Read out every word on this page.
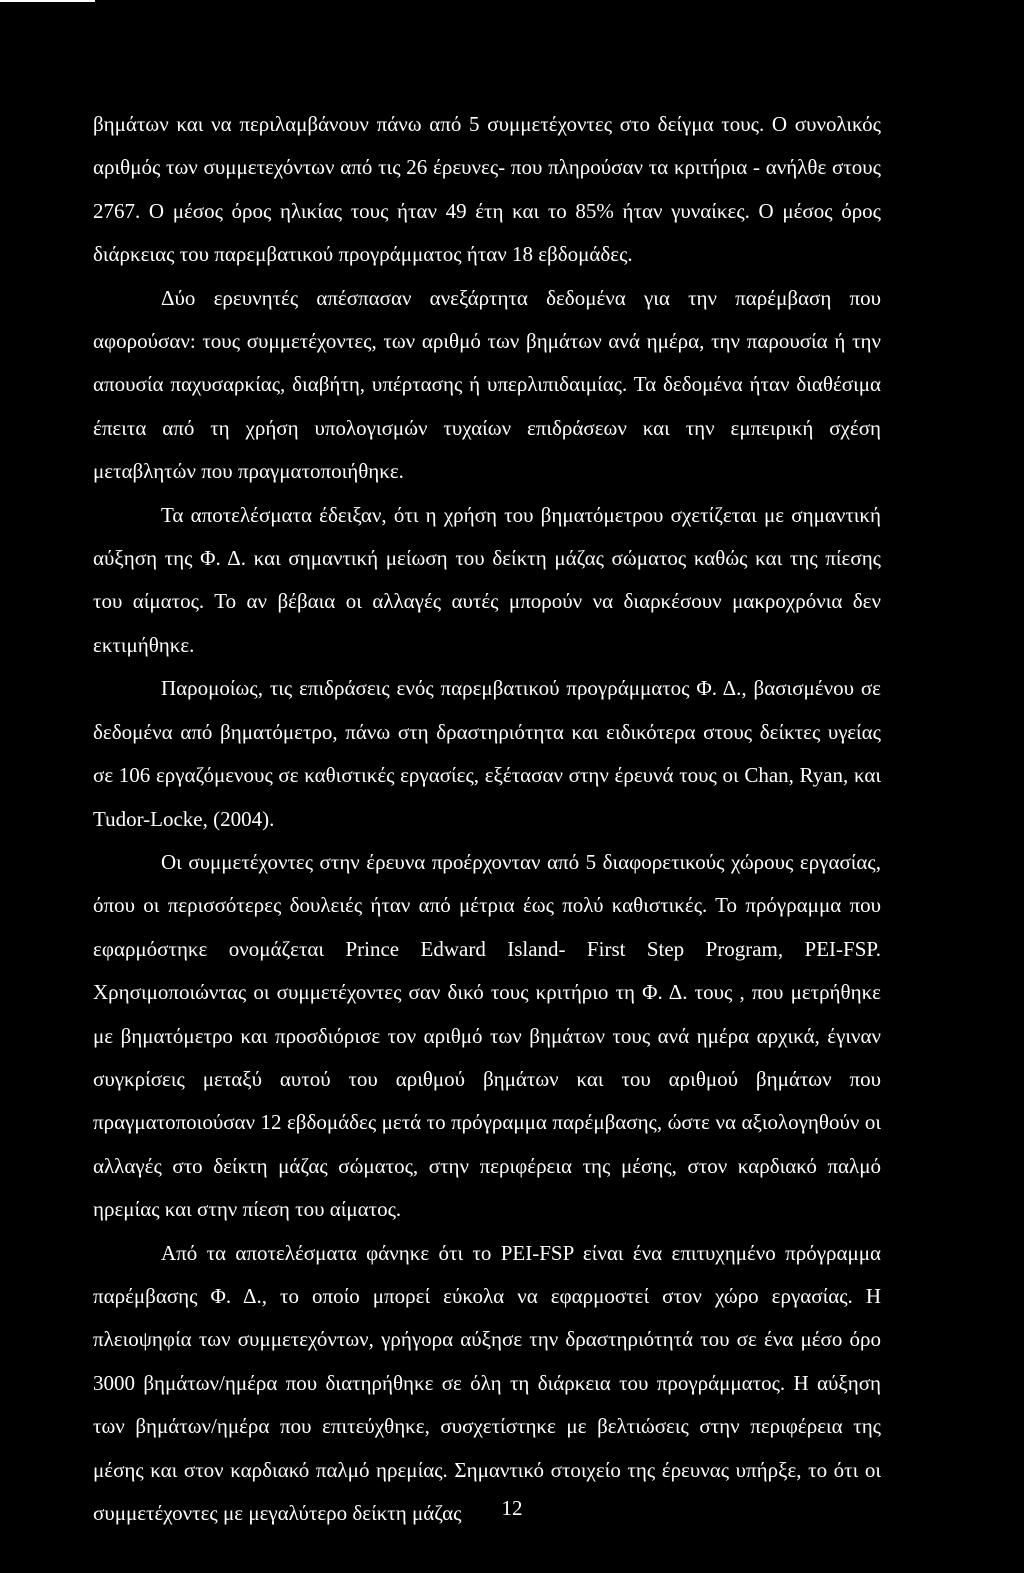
βημάτων και να περιλαμβάνουν πάνω από 5 συμμετέχοντες στο δείγμα τους. Ο συνολικός αριθμός των συμμετεχόντων από τις 26 έρευνες- που πληρούσαν τα κριτήρια - ανήλθε στους 2767. Ο μέσος όρος ηλικίας τους ήταν 49 έτη και το 85% ήταν γυναίκες. Ο μέσος όρος διάρκειας του παρεμβατικού προγράμματος ήταν 18 εβδομάδες.

Δύο ερευνητές απέσπασαν ανεξάρτητα δεδομένα για την παρέμβαση που αφορούσαν: τους συμμετέχοντες, των αριθμό των βημάτων ανά ημέρα, την παρουσία ή την απουσία παχυσαρκίας, διαβήτη, υπέρτασης ή υπερλιπιδαιμίας. Τα δεδομένα ήταν διαθέσιμα έπειτα από τη χρήση υπολογισμών τυχαίων επιδράσεων και την εμπειρική σχέση μεταβλητών που πραγματοποιήθηκε.

Τα αποτελέσματα έδειξαν, ότι η χρήση του βηματόμετρου σχετίζεται με σημαντική αύξηση της Φ. Δ. και σημαντική μείωση του δείκτη μάζας σώματος καθώς και της πίεσης του αίματος. Το αν βέβαια οι αλλαγές αυτές μπορούν να διαρκέσουν μακροχρόνια δεν εκτιμήθηκε.

Παρομοίως, τις επιδράσεις ενός παρεμβατικού προγράμματος Φ. Δ., βασισμένου σε δεδομένα από βηματόμετρο, πάνω στη δραστηριότητα και ειδικότερα στους δείκτες υγείας σε 106 εργαζόμενους σε καθιστικές εργασίες, εξέτασαν στην έρευνά τους οι Chan, Ryan, και Tudor-Locke, (2004).

Οι συμμετέχοντες στην έρευνα προέρχονταν από 5 διαφορετικούς χώρους εργασίας, όπου οι περισσότερες δουλειές ήταν από μέτρια έως πολύ καθιστικές. Το πρόγραμμα που εφαρμόστηκε ονομάζεται Prince Edward Island- First Step Program, PEI-FSP. Χρησιμοποιώντας οι συμμετέχοντες σαν δικό τους κριτήριο τη Φ. Δ. τους , που μετρήθηκε με βηματόμετρο και προσδιόρισε τον αριθμό των βημάτων τους ανά ημέρα αρχικά, έγιναν συγκρίσεις μεταξύ αυτού του αριθμού βημάτων και του αριθμού βημάτων που πραγματοποιούσαν 12 εβδομάδες μετά το πρόγραμμα παρέμβασης, ώστε να αξιολογηθούν οι αλλαγές στο δείκτη μάζας σώματος, στην περιφέρεια της μέσης, στον καρδιακό παλμό ηρεμίας και στην πίεση του αίματος.

Από τα αποτελέσματα φάνηκε ότι το PEI-FSP είναι ένα επιτυχημένο πρόγραμμα παρέμβασης Φ. Δ., το οποίο μπορεί εύκολα να εφαρμοστεί στον χώρο εργασίας. Η πλειοψηφία των συμμετεχόντων, γρήγορα αύξησε την δραστηριότητά του σε ένα μέσο όρο 3000 βημάτων/ημέρα που διατηρήθηκε σε όλη τη διάρκεια του προγράμματος. Η αύξηση των βημάτων/ημέρα που επιτεύχθηκε, συσχετίστηκε με βελτιώσεις στην περιφέρεια της μέσης και στον καρδιακό παλμό ηρεμίας. Σημαντικό στοιχείο της έρευνας υπήρξε, το ότι οι συμμετέχοντες με μεγαλύτερο δείκτη μάζας	12
